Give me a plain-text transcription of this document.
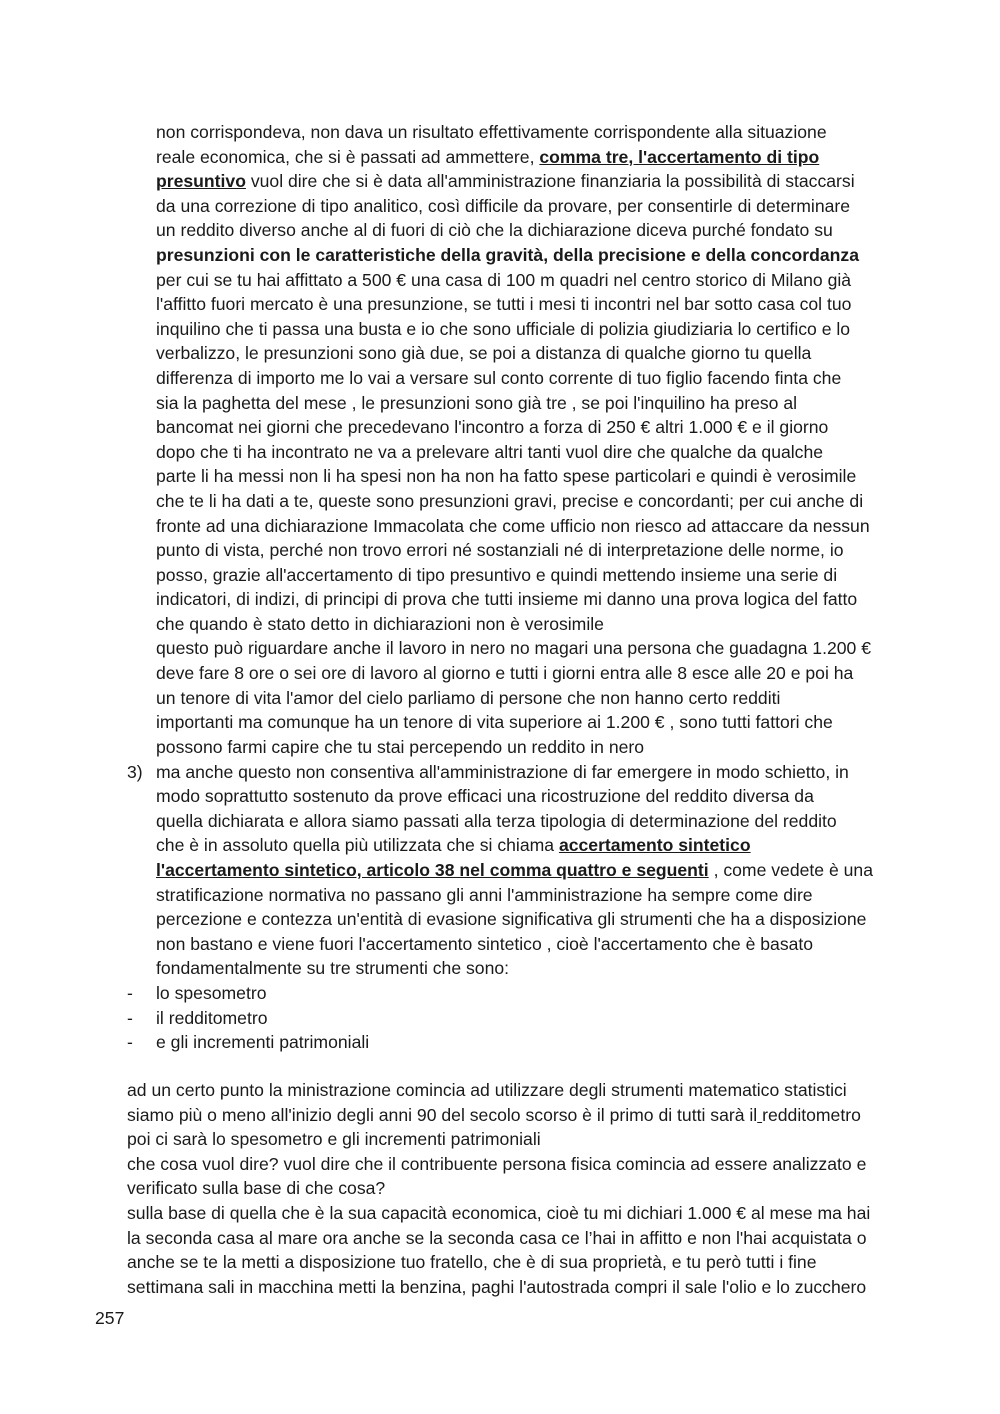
non corrispondeva, non dava un risultato effettivamente corrispondente alla situazione
reale economica, che si è passati ad ammettere, comma tre, l'accertamento di tipo
presuntivo vuol dire che si è data all'amministrazione finanziaria la possibilità di staccarsi
da una correzione di tipo analitico, così difficile da provare, per consentirle di determinare
un reddito diverso anche al di fuori di ciò che la dichiarazione diceva purché fondato su
presunzioni con le caratteristiche della gravità, della precisione e della concordanza
per cui se tu hai affittato a 500 € una casa di 100 m quadri nel centro storico di Milano già
l'affitto fuori mercato è una presunzione, se tutti i mesi ti incontri nel bar sotto casa col tuo
inquilino che ti passa una busta e io che sono ufficiale di polizia giudiziaria lo certifico e lo
verbalizzo, le presunzioni sono già due, se poi a distanza di qualche giorno tu quella
differenza di importo me lo vai a versare sul conto corrente di tuo figlio facendo finta che
sia la paghetta del mese , le presunzioni sono già tre , se poi l'inquilino ha preso al
bancomat nei giorni che precedevano l'incontro a forza di 250 € altri 1.000 € e il giorno
dopo che ti ha incontrato ne va a prelevare altri tanti vuol dire che qualche da qualche
parte li ha messi non li ha spesi non ha non ha fatto spese particolari e quindi è verosimile
che te li ha dati a te, queste sono presunzioni gravi, precise e concordanti; per cui anche di
fronte ad una dichiarazione Immacolata che come ufficio non riesco ad attaccare da nessun
punto di vista, perché non trovo errori né sostanziali né di interpretazione delle norme, io
posso, grazie all'accertamento di tipo presuntivo e quindi mettendo insieme una serie di
indicatori, di indizi, di principi di prova che tutti insieme mi danno una prova logica del fatto
che quando è stato detto in dichiarazioni non è verosimile
questo può riguardare anche il lavoro in nero no magari una persona che guadagna 1.200 €
deve fare 8 ore o sei ore di lavoro al giorno e tutti i giorni entra alle 8 esce alle 20 e poi ha
un tenore di vita l'amor del cielo parliamo di persone che non hanno certo redditi
importanti ma comunque ha un tenore di vita superiore ai 1.200 € , sono tutti fattori che
possono farmi capire che tu stai percependo un reddito in nero
3) ma anche questo non consentiva all'amministrazione di far emergere in modo schietto, in
modo soprattutto sostenuto da prove efficaci una ricostruzione del reddito diversa da
quella dichiarata e allora siamo passati alla terza tipologia di determinazione del reddito
che è in assoluto quella più utilizzata che si chiama accertamento sintetico
l'accertamento sintetico, articolo 38 nel comma quattro e seguenti , come vedete è una
stratificazione normativa no passano gli anni l'amministrazione ha sempre come dire
percezione e contezza un'entità di evasione significativa gli strumenti che ha a disposizione
non bastano e viene fuori l'accertamento sintetico , cioè l'accertamento che è basato
fondamentalmente su tre strumenti che sono:
- lo spesometro
- il redditometro
- e gli incrementi patrimoniali
ad un certo punto la ministrazione comincia ad utilizzare degli strumenti matematico statistici
siamo più o meno all'inizio degli anni 90 del secolo scorso è il primo di tutti sarà il redditometro
poi ci sarà lo spesometro e gli incrementi patrimoniali
che cosa vuol dire? vuol dire che il contribuente persona fisica comincia ad essere analizzato e
verificato sulla base di che cosa?
sulla base di quella che è la sua capacità economica, cioè tu mi dichiari 1.000 € al mese ma hai
la seconda casa al mare ora anche se la seconda casa ce l’hai in affitto e non l'hai acquistata o
anche se te la metti a disposizione tuo fratello, che è di sua proprietà, e tu però tutti i fine
settimana sali in macchina metti la benzina, paghi l'autostrada compri il sale l'olio e lo zucchero
257
